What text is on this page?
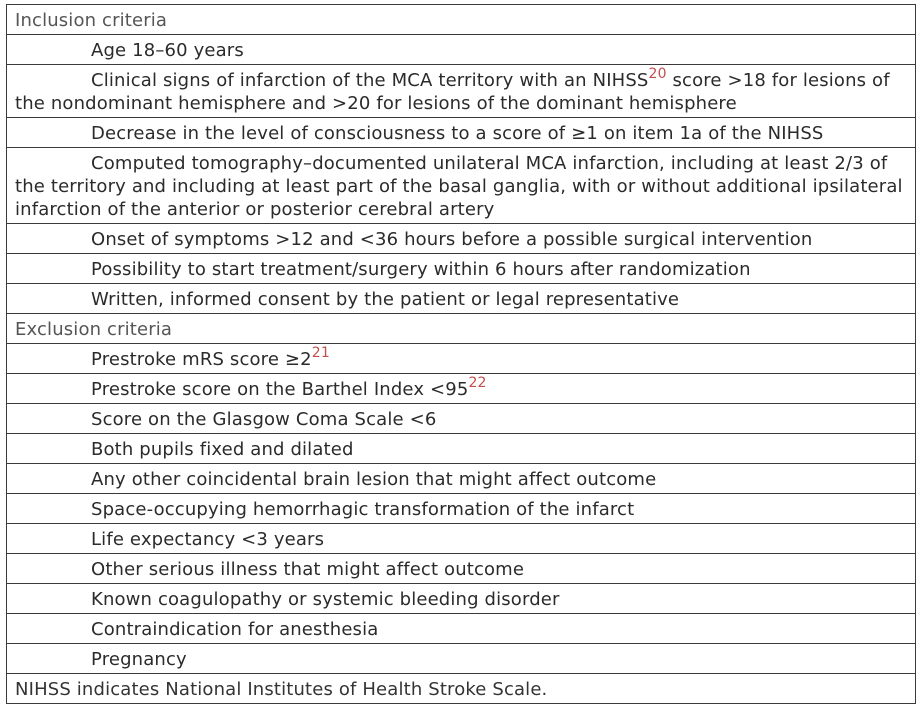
Inclusion criteria
Age 18–60 years
Clinical signs of infarction of the MCA territory with an NIHSS$^{20}$ score >18 for lesions of the nondominant hemisphere and >20 for lesions of the dominant hemisphere
Decrease in the level of consciousness to a score of ≥1 on item 1a of the NIHSS
Computed tomography–documented unilateral MCA infarction, including at least 2/3 of the territory and including at least part of the basal ganglia, with or without additional ipsilateral infarction of the anterior or posterior cerebral artery
Onset of symptoms >12 and <36 hours before a possible surgical intervention
Possibility to start treatment/surgery within 6 hours after randomization
Written, informed consent by the patient or legal representative
Exclusion criteria
Prestroke mRS score ≥2$^{21}$
Prestroke score on the Barthel Index <95$^{22}$
Score on the Glasgow Coma Scale <6
Both pupils fixed and dilated
Any other coincidental brain lesion that might affect outcome
Space-occupying hemorrhagic transformation of the infarct
Life expectancy <3 years
Other serious illness that might affect outcome
Known coagulopathy or systemic bleeding disorder
Contraindication for anesthesia
Pregnancy
NIHSS indicates National Institutes of Health Stroke Scale.
